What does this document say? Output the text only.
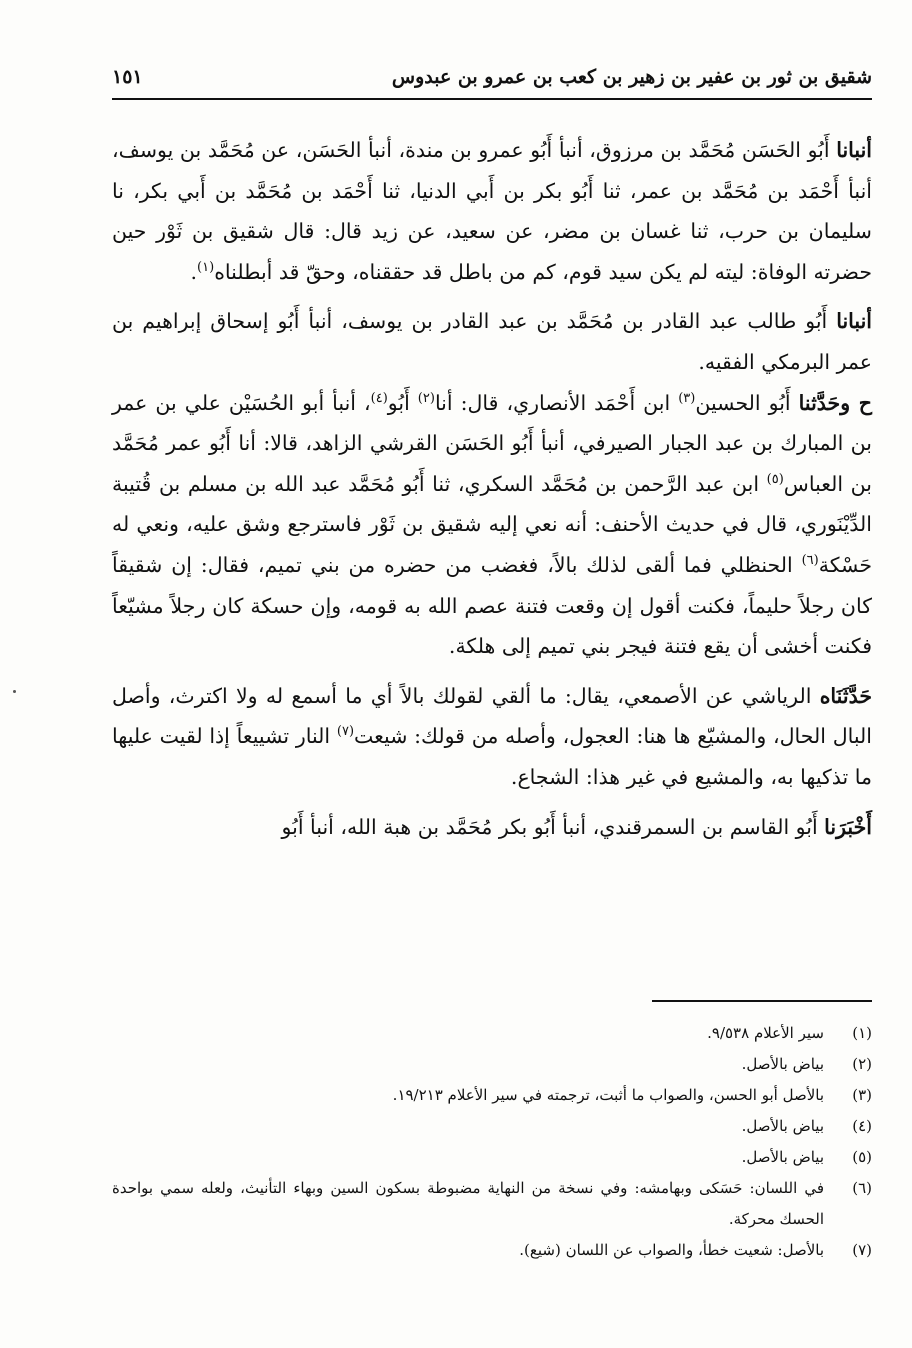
شقيق بن ثور بن عفير بن زهير بن كعب بن عمرو بن عبدوس
١٥١

أنبانا أَبُو الحَسَن مُحَمَّد بن مرزوق، أنبأ أَبُو عمرو بن مندة، أنبأ الحَسَن، عن مُحَمَّد بن يوسف، أنبأ أَحْمَد بن مُحَمَّد بن عمر، ثنا أَبُو بكر بن أَبي الدنيا، ثنا أَحْمَد بن مُحَمَّد بن أَبي بكر، نا سليمان بن حرب، ثنا غسان بن مضر، عن سعيد، عن زيد قال: قال شقيق بن ثَوْر حين حضرته الوفاة: ليته لم يكن سيد قوم، كم من باطل قد حققناه، وحقّ قد أبطلناه$^{(١)}$.

أنبانا أَبُو طالب عبد القادر بن مُحَمَّد بن عبد القادر بن يوسف، أنبأ أَبُو إسحاق إبراهيم بن عمر البرمكي الفقيه.

ح وحَدَّثنا أَبُو الحسين$^{(٣)}$ ابن أَحْمَد الأنصاري، قال: أنا$^{(٢)}$ أَبُو$^{(٤)}$، أنبأ أبو الحُسَيْن علي بن عمر بن المبارك بن عبد الجبار الصيرفي، أنبأ أَبُو الحَسَن القرشي الزاهد، قالا: أنا أَبُو عمر مُحَمَّد بن العباس$^{(٥)}$ ابن عبد الرَّحمن بن مُحَمَّد السكري، ثنا أَبُو مُحَمَّد عبد الله بن مسلم بن قُتيبة الدِّيْنَوري، قال في حديث الأحنف: أنه نعي إليه شقيق بن ثَوْر فاسترجع وشق عليه، ونعي له حَسْكة$^{(٦)}$ الحنظلي فما ألقى لذلك بالاً، فغضب من حضره من بني تميم، فقال: إن شقيقاً كان رجلاً حليماً، فكنت أقول إن وقعت فتنة عصم الله به قومه، وإن حسكة كان رجلاً مشيّعاً فكنت أخشى أن يقع فتنة فيجر بني تميم إلى هلكة.

حَدَّثَنَاه الرياشي عن الأصمعي، يقال: ما ألقي لقولك بالاً أي ما أسمع له ولا اكترث، وأصل البال الحال، والمشيّع ها هنا: العجول، وأصله من قولك: شيعت$^{(٧)}$ النار تشييعاً إذا لقيت عليها ما تذكيها به، والمشيع في غير هذا: الشجاع.

أَخْبَرَنا أَبُو القاسم بن السمرقندي، أنبأ أَبُو بكر مُحَمَّد بن هبة الله، أنبأ أَبُو

(١)
سير الأعلام ٩/٥٣٨.
(٢)
بياض بالأصل.
(٣)
بالأصل أبو الحسن، والصواب ما أثبت، ترجمته في سير الأعلام ١٩/٢١٣.
(٤)
بياض بالأصل.
(٥)
بياض بالأصل.
(٦)
في اللسان: حَسَكى وبهامشه: وفي نسخة من النهاية مضبوطة بسكون السين وبهاء التأنيث، ولعله سمي بواحدة الحسك محركة.
(٧)
بالأصل: شعيت خطأ، والصواب عن اللسان (شيع).
